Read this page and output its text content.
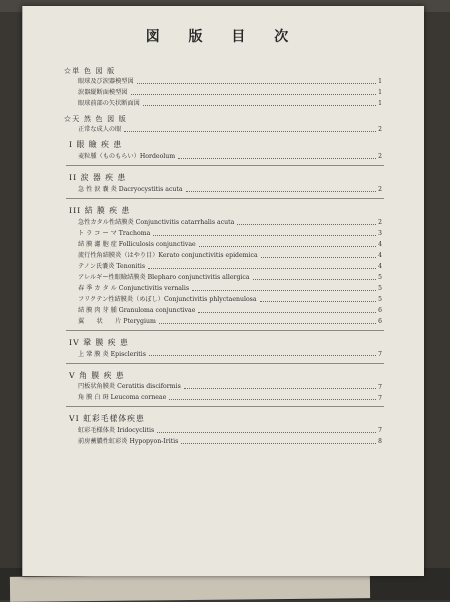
図 版 目 次
☆単 色 図 版
眼球及び涙器模型図	1
涙器縦断面模型図	1
眼球前部の矢状断面図	1
☆天 然 色 図 版
正常な成人の眼	2
I 眼 瞼 疾 患
麦粒腫（ものもらい）Hordeolum	2
II 涙 器 疾 患
急 性 涙 嚢 炎 Dacryocystitis acuta	2
III 結 膜 疾 患
急性カタル性結膜炎 Conjunctivitis catarrhalis acuta	2
ト ラ コ ー マ Trachoma	3
結 膜 濾 胞 症 Folliculosis conjunctivae	4
流行性角結膜炎（はやり目）Kerato conjunctivitis epidemica	4
テノン氏嚢炎 Tenonitis	4
アレルギー性眼瞼結膜炎 Blepharo conjunctivitis allergica	5
春 季 カ タ ル Conjunctivitis vernalis	5
フリクテン性結膜炎（めぼし）Conjunctivitis phlyctaenulosa	5
結 膜 肉 芽 腫 Granuloma conjunctivae	6
翼　　状　　片 Pterygium	6
IV 鞏 膜 疾 患
上 鞏 膜 炎 Episcleritis	7
V 角 膜 疾 患
円板状角膜炎 Ceratitis disciformis	7
角 膜 白 斑 Leucoma corneae	7
VI 虹彩毛様体疾患
虹彩毛様体炎 Iridocyclitis	7
前房蓄膿性虹彩炎 Hypopyon-Iritis	8
